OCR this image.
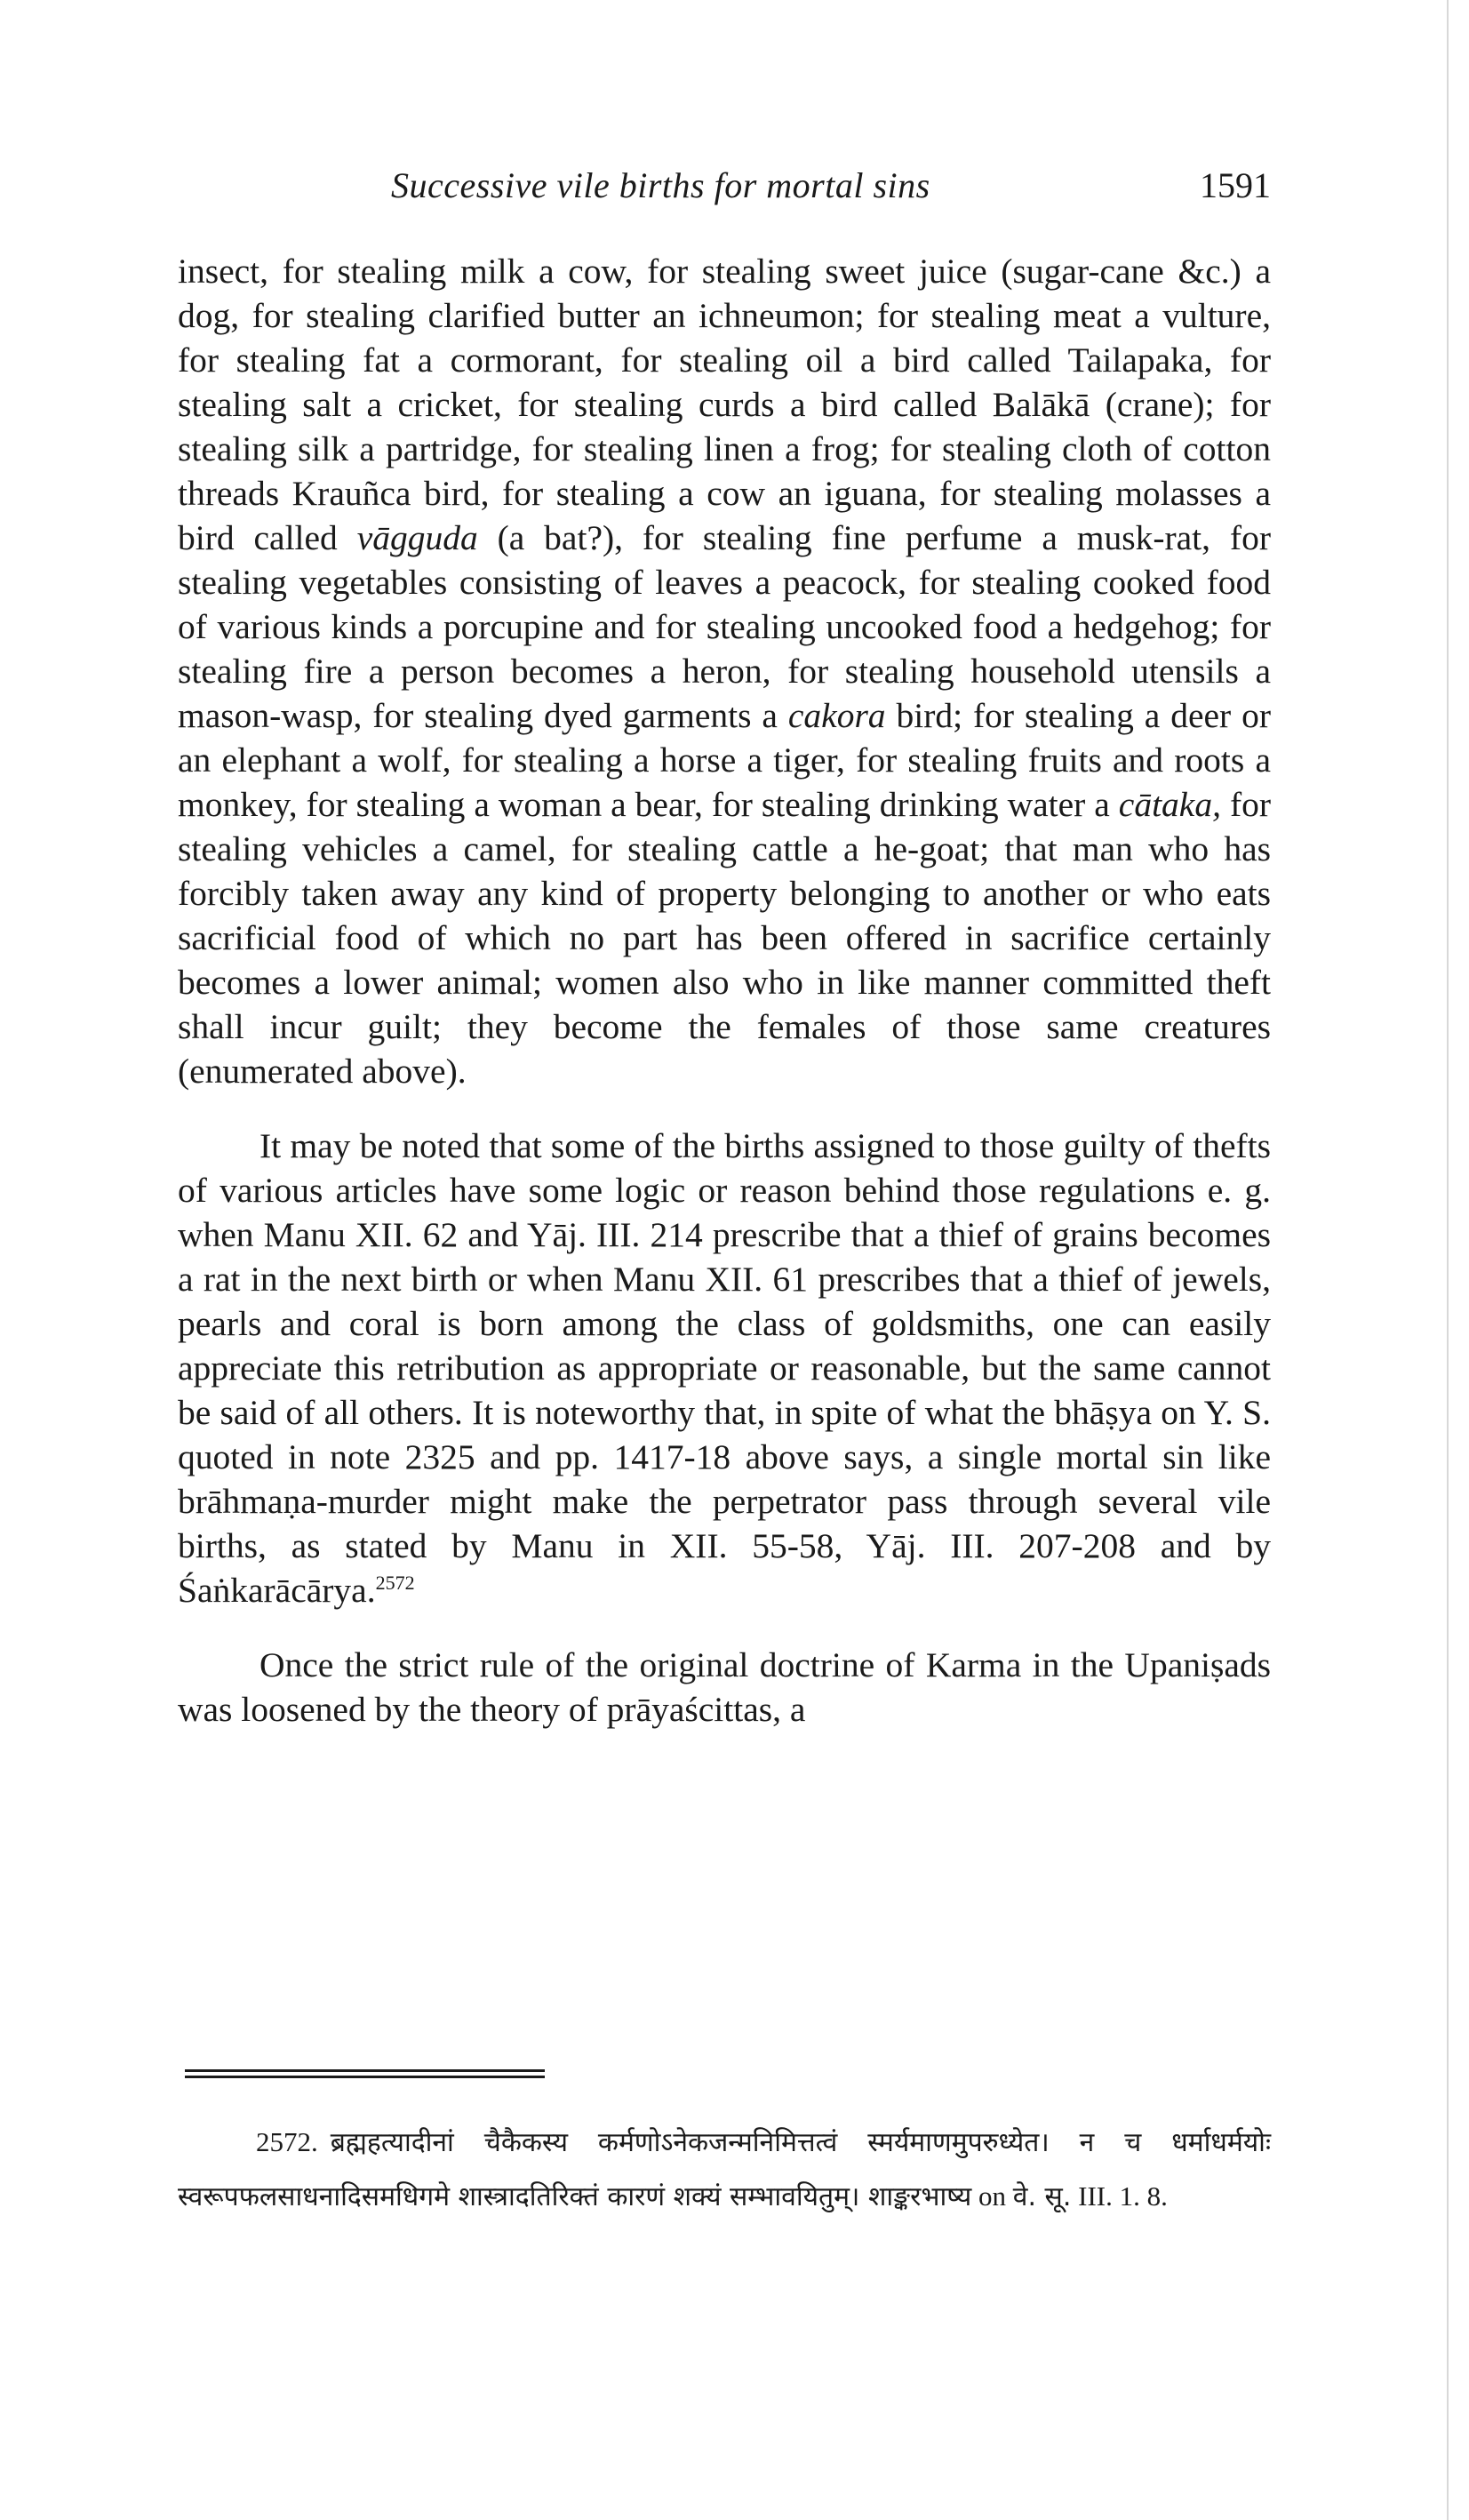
Successive vile births for mortal sins	1591

insect, for stealing milk a cow, for stealing sweet juice (sugar-cane &c.) a dog, for stealing clarified butter an ichneumon; for stealing meat a vulture, for stealing fat a cormorant, for stealing oil a bird called Tailapaka, for stealing salt a cricket, for stealing curds a bird called Balākā (crane); for stealing silk a partridge, for stealing linen a frog; for stealing cloth of cotton threads Krauñca bird, for stealing a cow an iguana, for stealing molasses a bird called vāgguda (a bat?), for stealing fine perfume a musk-rat, for stealing vegetables consisting of leaves a peacock, for stealing cooked food of various kinds a porcupine and for stealing uncooked food a hedgehog; for stealing fire a person becomes a heron, for stealing household utensils a mason-wasp, for stealing dyed garments a cakora bird; for stealing a deer or an elephant a wolf, for stealing a horse a tiger, for stealing fruits and roots a monkey, for stealing a woman a bear, for stealing drinking water a cātaka, for stealing vehicles a camel, for stealing cattle a he-goat; that man who has forcibly taken away any kind of property belonging to another or who eats sacrificial food of which no part has been offered in sacrifice certainly becomes a lower animal; women also who in like manner committed theft shall incur guilt; they become the females of those same creatures (enumerated above).

It may be noted that some of the births assigned to those guilty of thefts of various articles have some logic or reason behind those regulations e. g. when Manu XII. 62 and Yāj. III. 214 prescribe that a thief of grains becomes a rat in the next birth or when Manu XII. 61 prescribes that a thief of jewels, pearls and coral is born among the class of goldsmiths, one can easily appreciate this retribution as appropriate or reasonable, but the same cannot be said of all others. It is noteworthy that, in spite of what the bhāṣya on Y. S. quoted in note 2325 and pp. 1417-18 above says, a single mortal sin like brāhmaṇa-murder might make the perpetrator pass through several vile births, as stated by Manu in XII. 55-58, Yāj. III. 207-208 and by Śaṅkarācārya.$^{2572}$

Once the strict rule of the original doctrine of Karma in the Upaniṣads was loosened by the theory of prāyaścittas, a

2572. ब्रह्महत्यादीनां चैकैकस्य कर्मणोऽनेकजन्मनिमित्तत्वं स्मर्यमाणमुपरुध्येत। न च धर्माधर्मयोः स्वरूपफलसाधनादिसमधिगमे शास्त्रादतिरिक्तं कारणं शक्यं सम्भावयितुम्। शाङ्करभाष्य on वे. सू. III. 1. 8.
